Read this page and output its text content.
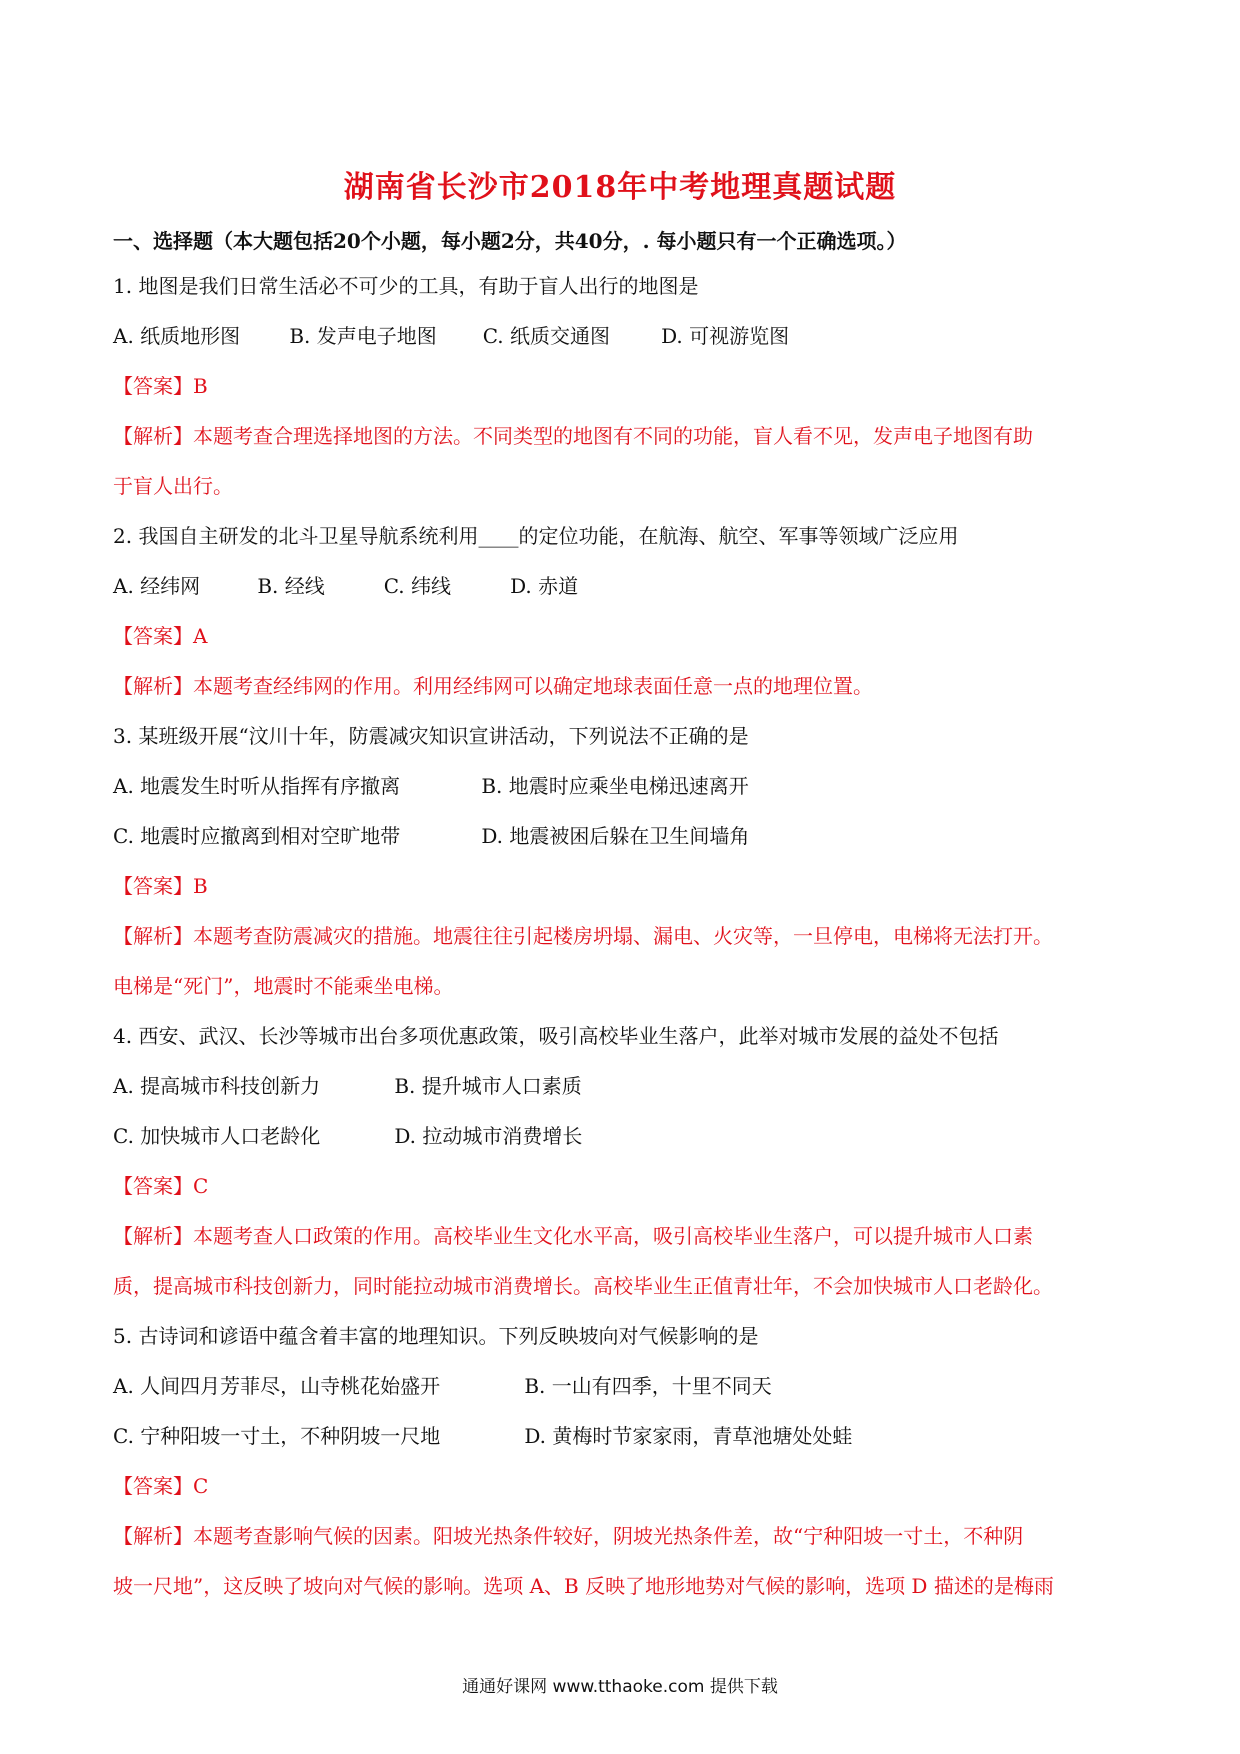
湖南省长沙市2018年中考地理真题试题
一、选择题（本大题包括20个小题，每小题2分，共40分，. 每小题只有一个正确选项。）
1. 地图是我们日常生活必不可少的工具，有助于盲人出行的地图是
A. 纸质地形图 B. 发声电子地图 C. 纸质交通图	D. 可视游览图
【答案】B
【解析】本题考查合理选择地图的方法。不同类型的地图有不同的功能，盲人看不见，发声电子地图有助
于盲人出行。
2. 我国自主研发的北斗卫星导航系统利用____的定位功能，在航海、航空、军事等领域广泛应用
A. 经纬网	B. 经线	C. 纬线	D. 赤道
【答案】A
【解析】本题考查经纬网的作用。利用经纬网可以确定地球表面任意一点的地理位置。
3. 某班级开展“汶川十年，防震减灾知识宣讲活动，下列说法不正确的是
A. 地震发生时听从指挥有序撤离	B. 地震时应乘坐电梯迅速离开
C. 地震时应撤离到相对空旷地带	D. 地震被困后躲在卫生间墙角
【答案】B
【解析】本题考查防震减灾的措施。地震往往引起楼房坍塌、漏电、火灾等，一旦停电，电梯将无法打开。
电梯是“死门”，地震时不能乘坐电梯。
4. 西安、武汉、长沙等城市出台多项优惠政策，吸引高校毕业生落户，此举对城市发展的益处不包括
A. 提高城市科技创新力	B. 提升城市人口素质
C. 加快城市人口老龄化	D. 拉动城市消费增长
【答案】C
【解析】本题考查人口政策的作用。高校毕业生文化水平高，吸引高校毕业生落户，可以提升城市人口素
质，提高城市科技创新力，同时能拉动城市消费增长。高校毕业生正值青壮年，不会加快城市人口老龄化。
5. 古诗词和谚语中蕴含着丰富的地理知识。下列反映坡向对气候影响的是
A. 人间四月芳菲尽，山寺桃花始盛开	B. 一山有四季，十里不同天
C. 宁种阳坡一寸土，不种阴坡一尺地	D. 黄梅时节家家雨，青草池塘处处蛙
【答案】C
【解析】本题考查影响气候的因素。阳坡光热条件较好，阴坡光热条件差，故“宁种阳坡一寸土，不种阴
坡一尺地”，这反映了坡向对气候的影响。选项 A、B 反映了地形地势对气候的影响，选项 D 描述的是梅雨
通通好课网 www.tthaoke.com 提供下载
